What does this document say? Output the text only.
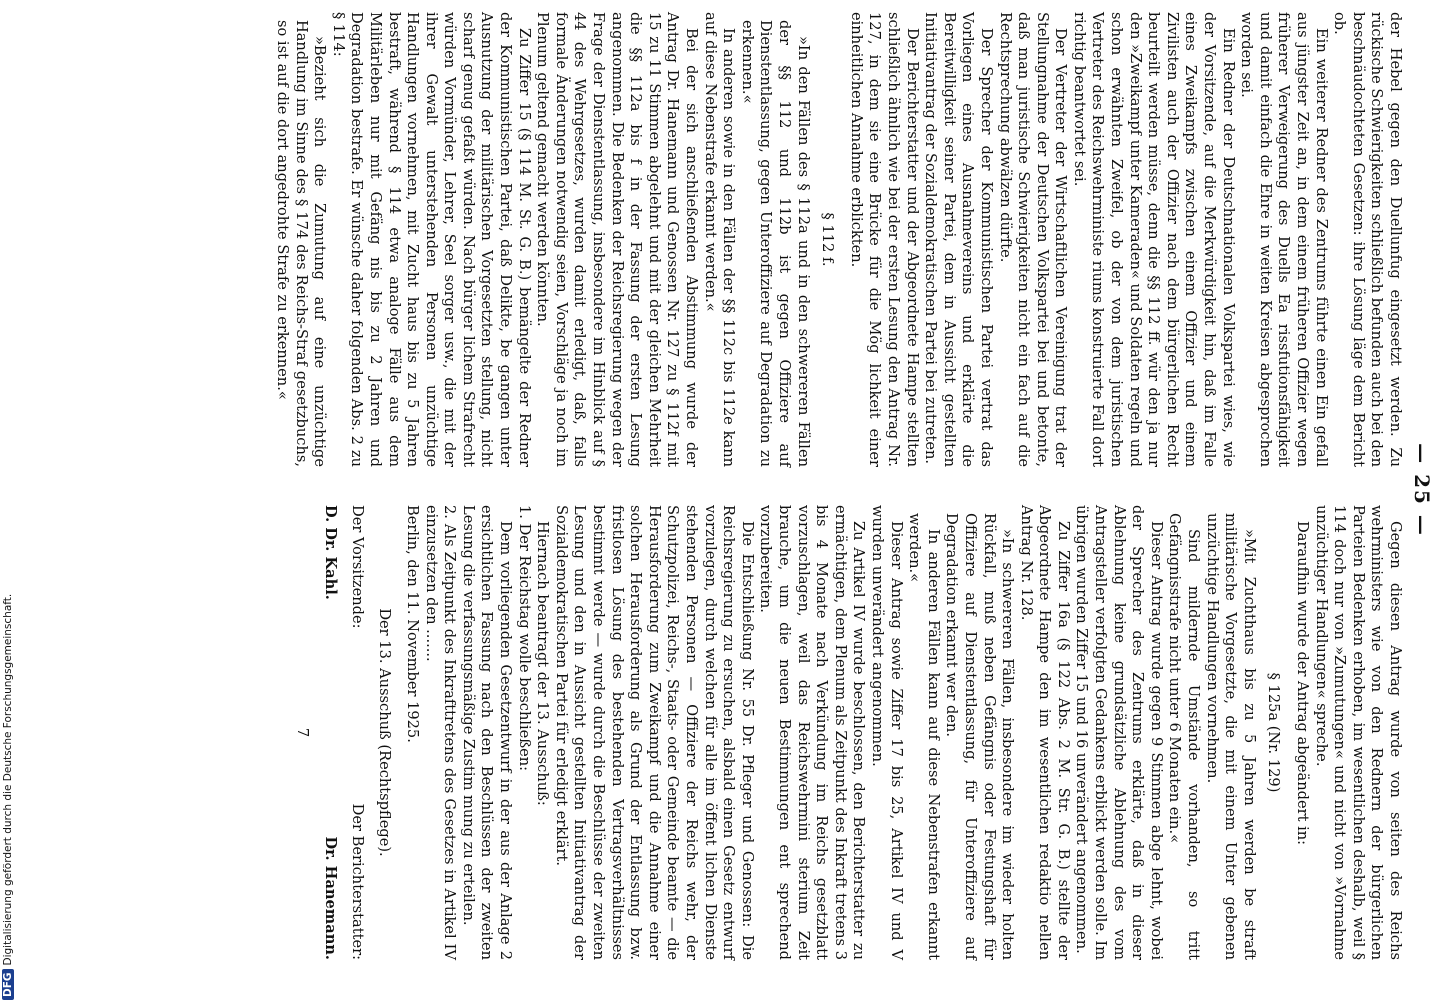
— 25 —

der Hebel gegen den Duellunfug eingesetzt werden. Zu rückische Schwierigkeiten schließlich befunden auch bei den beschnäudochteten Gesetzen: ihre Lösung läge dem Bericht ob.

Ein weiterer Redner des Zentrums führte einen Ein gefall aus jüngster Zeit an, in dem einem früheren Offizier wegen früherer Verweigerung des Duells Ea rissfutionsfähigkeit und damit einfach die Ehre in weiten Kreisen abgesprochen worden sei.

Ein Redner der Deutschnationalen Volkspartei wies, wie der Vorsitzende, auf die Merkwürdigkeit hin, daß im Falle eines Zweikampfs zwischen einem Offizier und einem Zivilisten auch der Offizier nach dem bürgerlichen Recht beurteilt werden müsse, denn die §§ 112 ff. wür den ja nur den »Zweikampf unter Kameraden« und Soldaten regeln und schon erwähnten Zweifel, ob der von dem juristischen Vertreter des Reichswehrministe riums konstruierte Fall dort richtig beantwortet sei.

Der Vertreter der Wirtschaftlichen Vereinigung trat der Stellungnahme der Deutschen Volkspartei bei und betonte, daß man juristische Schwierigkeiten nicht ein fach auf die Rechtsprechung abwälzen dürfte.

Der Sprecher der Kommunistischen Partei vertrat das Vorliegen eines Ausnahmevereins und erklärte die Bereitwilligkeit seiner Partei, dem in Aussicht gestellten Initiativantrag der Sozialdemokratischen Partei bei zutreten.

Der Berichterstatter und der Abgeordnete Hampe stellten schließlich ähnlich wie bei der ersten Lesung den Antrag Nr. 127, in dem sie eine Brücke für die Mög lichkeit einer einheitlichen Annahme erblickten.

§ 112 f.

»In den Fällen des § 112a und in den schwereren Fällen der §§ 112 und 112b ist gegen Offiziere auf Dienstentlassung, gegen Unteroffiziere auf Degradation zu erkennen.«

In anderen sowie in den Fällen der §§ 112c bis 112e kann auf diese Nebenstrafe erkannt werden.«

Bei der sich anschließenden Abstimmung wurde der Antrag Dr. Hanemann und Genossen Nr. 127 zu § 112f mit 15 zu 11 Stimmen abgelehnt und mit der gleichen Mehrheit die §§ 112a bis f in der Fassung der ersten Lesung angenommen. Die Bedenken der Reichsregierung wegen der Frage der Dienstentlassung, insbesondere im Hinblick auf § 44 des Wehrgesetzes, wurden damit erledigt, daß, falls formale Änderungen notwendig seien, Vorschläge ja noch im Plenum geltend gemacht werden könnten.

Zu Ziffer 15 (§ 114 M. St. G. B.) bemängelte der Redner der Kommunistischen Partei, daß Delikte, be gangen unter Ausnutzung der militärischen Vorgesetzten stellung, nicht scharf genug gefaßt würden. Nach bürger lichem Strafrecht würden Vormünder, Lehrer, Seel sorger usw., die mit der ihrer Gewalt unterstehenden Personen unzüchtige Handlungen vornehmen, mit Zucht haus bis zu 5 Jahren bestraft, während § 114 etwa analoge Fälle aus dem Militärleben nur mit Gefäng nis bis zu 2 Jahren und Degradation bestrafe. Er wünsche daher folgenden Abs. 2 zu § 114:

»Bezieht sich die Zumutung auf eine unzüchtige Handlung im Sinne des § 174 des Reichs-Straf gesetzbuchs, so ist auf die dort angedrohte Strafe zu erkennen.«

Gegen diesen Antrag wurde von seiten des Reichs wehrministers wie von den Rednern der bürgerlichen Parteien Bedenken erhoben, im wesentlichen deshalb, weil § 114 doch nur von »Zumutungen« und nicht von »Vornahme unzüchtiger Handlungen« spreche.

Daraufhin wurde der Antrag abgeändert in:

§ 125a (Nr. 129)

»Mit Zuchthaus bis zu 5 Jahren werden be straft militärische Vorgesetzte, die mit einem Unter gebenen unzüchtige Handlungen vornehmen.

Sind mildernde Umstände vorhanden, so tritt Gefängnisstrafe nicht unter 6 Monaten ein.«

Dieser Antrag wurde gegen 9 Stimmen abge lehnt, wobei der Sprecher des Zentrums erklärte, daß in dieser Ablehnung keine grundsätzliche Ablehnung des vom Antragsteller verfolgten Gedankens erblickt werden solle. Im übrigen wurden Ziffer 15 und 16 unverändert angenommen.

Zu Ziffer 16a (§ 122 Abs. 2 M. Str. G. B.) stellte der Abgeordnete Hampe den im wesentlichen redaktio nellen Antrag Nr. 128.

»In schwereren Fällen, insbesondere im wieder holten Rückfall, muß neben Gefängnis oder Festungshaft für Offiziere auf Dienstentlassung, für Unteroffiziere auf Degradation erkannt wer den.

In anderen Fällen kann auf diese Nebenstrafen erkannt werden.«

Dieser Antrag sowie Ziffer 17 bis 25, Artikel IV und V wurden unverändert angenommen.

Zu Artikel IV wurde beschlossen, den Berichterstatter zu ermächtigen, dem Plenum als Zeitpunkt des Inkraft tretens 3 bis 4 Monate nach Verkündung im Reichs gesetzblatt vorzuschlagen, weil das Reichswehrmini sterium Zeit brauche, um die neuen Bestimmungen ent sprechend vorzubereiten.

Die Entschließung Nr. 55 Dr. Pfleger und Genossen: Die Reichsregierung zu ersuchen, alsbald einen Gesetz entwurf vorzulegen, durch welchen für alle im öffent lichen Dienste stehenden Personen — Offiziere der Reichs wehr, der Schutzpolizei, Reichs-, Staats- oder Gemeinde beamte — die Herausforderung zum Zweikampf und die Annahme einer solchen Herausforderung als Grund der Entlassung bzw. fristlosen Lösung des bestehenden Vertragsverhältnisses bestimmt werde — wurde durch die Beschlüsse der zweiten Lesung und den in Aussicht gestellten Initiativantrag der Sozialdemokratischen Partei für erledigt erklärt.

Hiernach beantragt der 13. Ausschuß:

1. Der Reichstag wolle beschließen:

Dem vorliegenden Gesetzentwurf in der aus der Anlage 2 ersichtlichen Fassung nach den Beschlüssen der zweiten Lesung die verfassungsmäßige Zustim mung zu erteilen.

2. Als Zeitpunkt des Inkrafttretens des Gesetzes in Artikel IV einzusetzen den .......

Berlin, den 11. November 1925.

Der 13. Ausschuß (Rechtspflege).

Der Vorsitzende:
Der Berichterstatter:
D. Dr. Kahl.
Dr. Hanemann.
7
DFGDigitalisierung gefördert durch die Deutsche Forschungsgemeinschaft.
